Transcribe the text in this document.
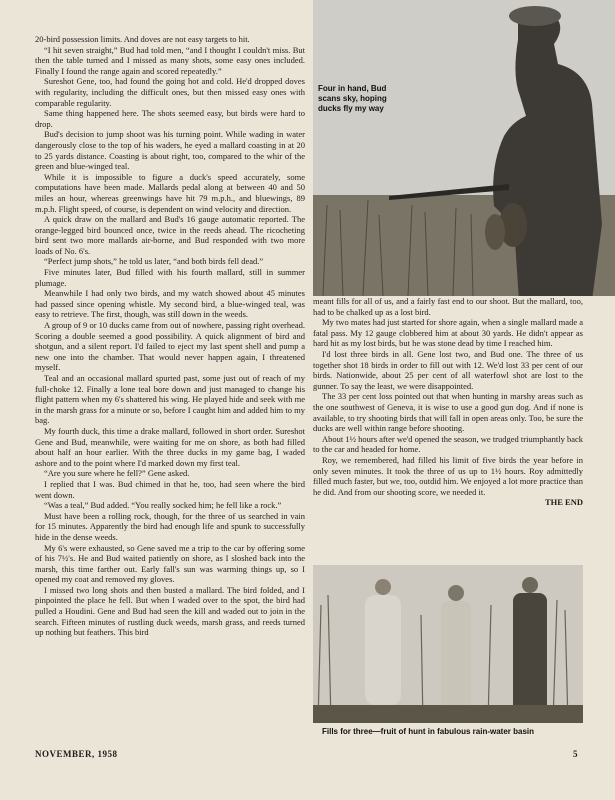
20-bird possession limits. And doves are not easy targets to hit.

“I hit seven straight,” Bud had told men, “and I thought I couldn't miss. But then the table turned and I missed as many shots, some easy ones included. Finally I found the range again and scored repeatedly.”

Sureshot Gene, too, had found the going hot and cold. He'd dropped doves with regularity, including the difficult ones, but then missed easy ones with comparable regularity.

Same thing happened here. The shots seemed easy, but birds were hard to drop.

Bud's decision to jump shoot was his turning point. While wading in water dangerously close to the top of his waders, he eyed a mallard coasting in at 20 to 25 yards distance. Coasting is about right, too, compared to the whir of the green and blue-winged teal.

While it is impossible to figure a duck's speed accurately, some computations have been made. Mallards pedal along at between 40 and 50 miles an hour, whereas greenwings have hit 79 m.p.h., and bluewings, 89 m.p.h. Flight speed, of course, is dependent on wind velocity and direction.

A quick draw on the mallard and Bud's 16 gauge automatic reported. The orange-legged bird bounced once, twice in the reeds ahead. The ricocheting bird sent two more mallards air-borne, and Bud responded with two more loads of No. 6's.

“Perfect jump shots,” he told us later, “and both birds fell dead.”

Five minutes later, Bud filled with his fourth mallard, still in summer plumage.

Meanwhile I had only two birds, and my watch showed about 45 minutes had passed since opening whistle. My second bird, a blue-winged teal, was easy to retrieve. The first, though, was still down in the weeds.

A group of 9 or 10 ducks came from out of nowhere, passing right overhead. Scoring a double seemed a good possibility. A quick alignment of bird and shotgun, and a silent report. I'd failed to eject my last spent shell and pump a new one into the chamber. That would never happen again, I threatened myself.

Teal and an occasional mallard spurted past, some just out of reach of my full-choke 12. Finally a lone teal bore down and just managed to change his flight pattern when my 6's shattered his wing. He played hide and seek with me in the marsh grass for a minute or so, before I caught him and added him to my bag.

My fourth duck, this time a drake mallard, followed in short order. Sureshot Gene and Bud, meanwhile, were waiting for me on shore, as both had filled about half an hour earlier. With the three ducks in my game bag, I waded ashore and to the point where I'd marked down my first teal.

“Are you sure where he fell?” Gene asked.

I replied that I was. Bud chimed in that he, too, had seen where the bird went down.

“Was a teal,” Bud added. “You really socked him; he fell like a rock.”

Must have been a rolling rock, though, for the three of us searched in vain for 15 minutes. Apparently the bird had enough life and spunk to successfully hide in the dense weeds.

My 6's were exhausted, so Gene saved me a trip to the car by offering some of his 7½'s. He and Bud waited patiently on shore, as I sloshed back into the marsh, this time farther out. Early fall's sun was warming things up, so I opened my coat and removed my gloves.

I missed two long shots and then busted a mallard. The bird folded, and I pinpointed the place he fell. But when I waded over to the spot, the bird had pulled a Houdini. Gene and Bud had seen the kill and waded out to join in the search. Fifteen minutes of rustling duck weeds, marsh grass, and reeds turned up nothing but feathers. This bird

Four in hand, Bud scans sky, hoping ducks fly my way

meant fills for all of us, and a fairly fast end to our shoot. But the mallard, too, had to be chalked up as a lost bird.

My two mates had just started for shore again, when a single mallard made a fatal pass. My 12 gauge clobbered him at about 30 yards. He didn't appear as hard hit as my lost birds, but he was stone dead by time I reached him.

I'd lost three birds in all. Gene lost two, and Bud one. The three of us together shot 18 birds in order to fill out with 12. We'd lost 33 per cent of our birds. Nationwide, about 25 per cent of all waterfowl shot are lost to the gunner. To say the least, we were disappointed.

The 33 per cent loss pointed out that when hunting in marshy areas such as the one southwest of Geneva, it is wise to use a good gun dog. And if none is available, to try shooting birds that will fall in open areas only. Too, be sure the ducks are well within range before shooting.

About 1½ hours after we'd opened the season, we trudged triumphantly back to the car and headed for home.

Roy, we remembered, had filled his limit of five birds the year before in only seven minutes. It took the three of us up to 1½ hours. Roy admittedly filled much faster, but we, too, outdid him. We enjoyed a lot more practice than he did. And from our shooting score, we needed it.

THE END

Fills for three—fruit of hunt in fabulous rain-water basin
NOVEMBER, 1958	5
